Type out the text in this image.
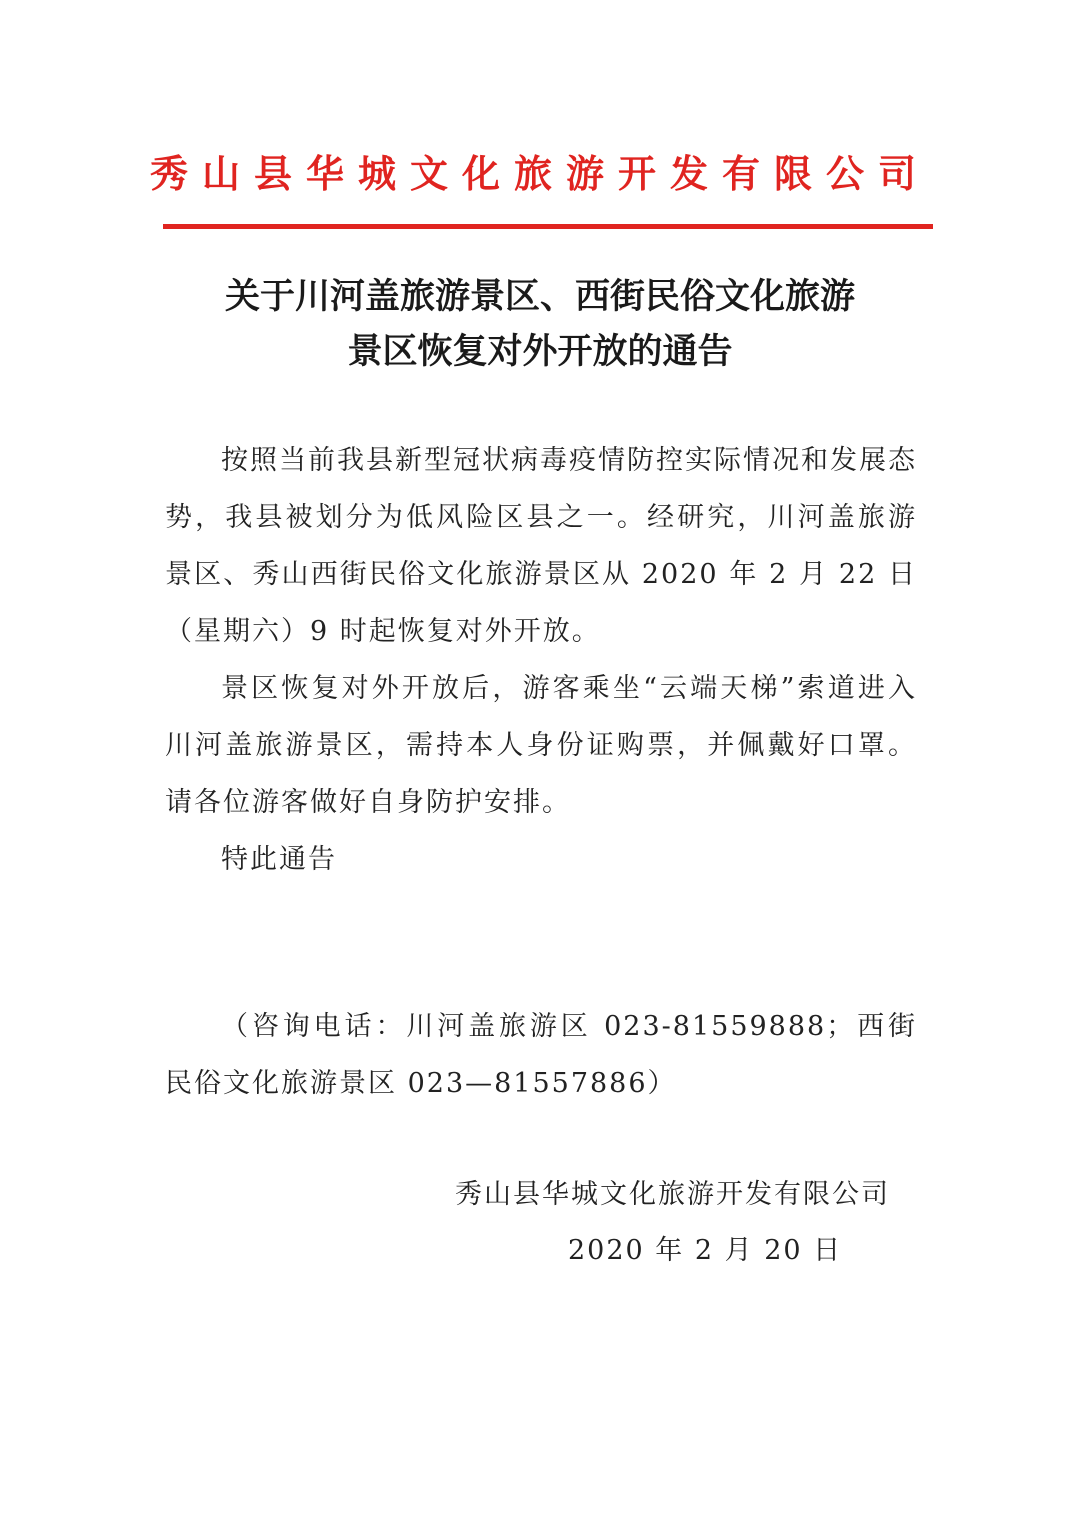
秀山县华城文化旅游开发有限公司
关于川河盖旅游景区、西街民俗文化旅游
景区恢复对外开放的通告

按照当前我县新型冠状病毒疫情防控实际情况和发展态势，我县被划分为低风险区县之一。经研究，川河盖旅游景区、秀山西街民俗文化旅游景区从 2020 年 2 月 22 日（星期六）9 时起恢复对外开放。

景区恢复对外开放后，游客乘坐“云端天梯”索道进入川河盖旅游景区，需持本人身份证购票，并佩戴好口罩。请各位游客做好自身防护安排。

特此通告

（咨询电话：川河盖旅游区 023-81559888；西街民俗文化旅游景区 023—81557886）

秀山县华城文化旅游开发有限公司
2020 年 2 月 20 日
